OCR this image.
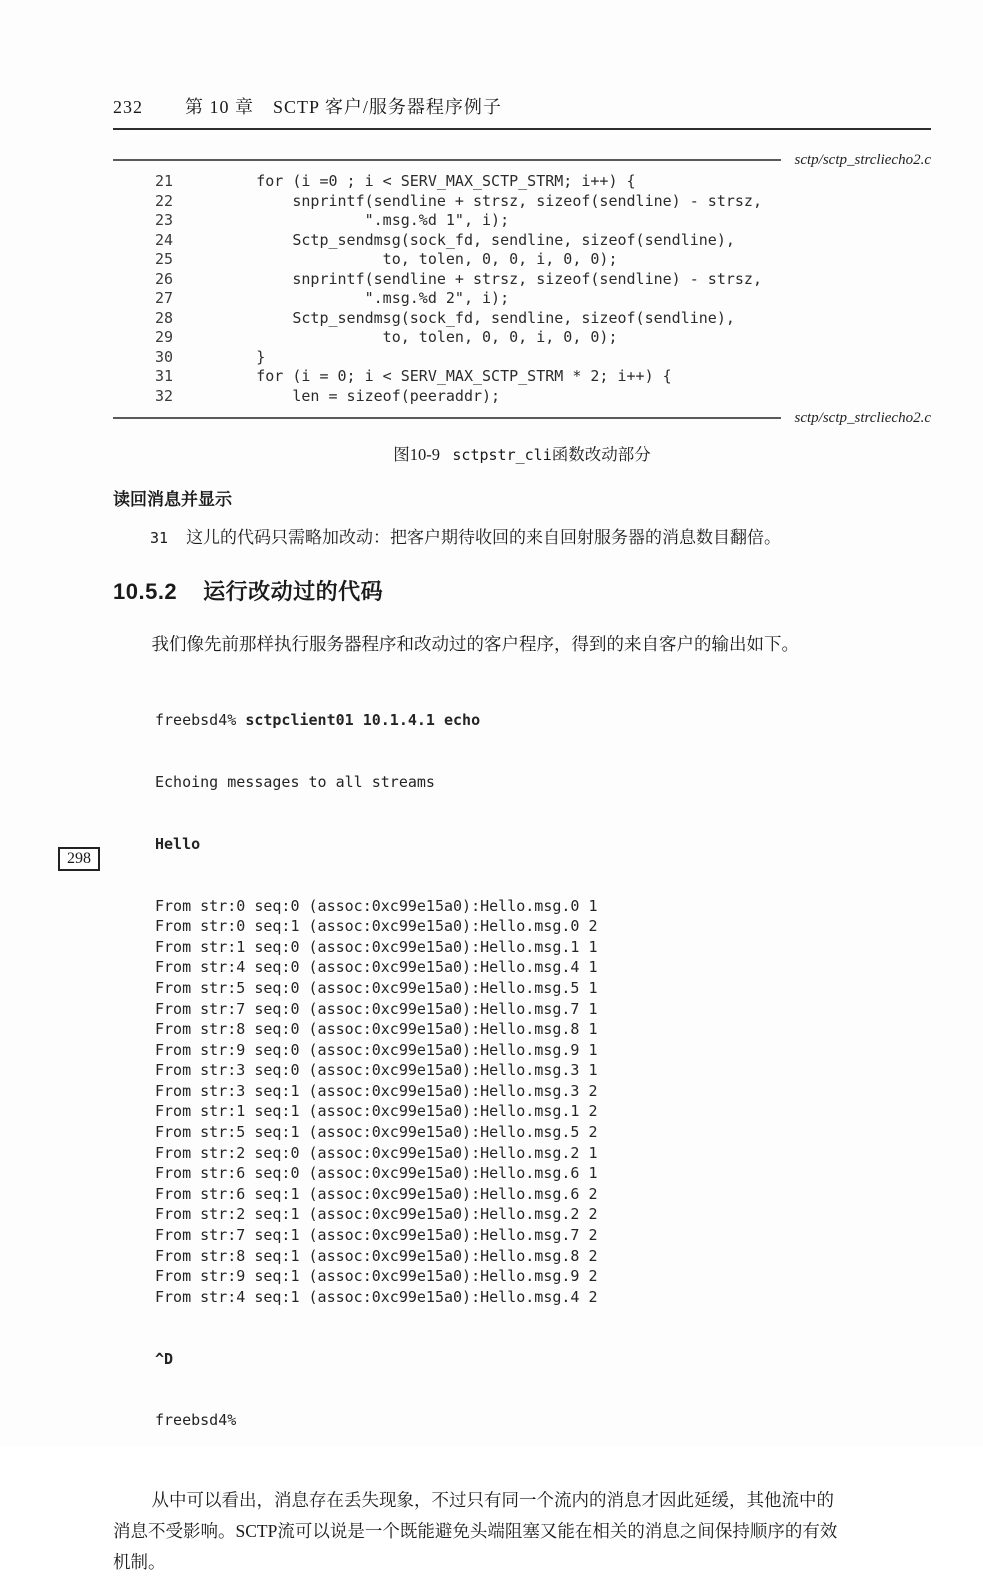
PDG
298
232 第 10 章　SCTP 客户/服务器程序例子
sctp/sctp_strcliecho2.c
21 for (i =0 ; i < SERV_MAX_SCTP_STRM; i++) {
22 snprintf(sendline + strsz, sizeof(sendline) - strsz,
23 ".msg.%d 1", i);
24 Sctp_sendmsg(sock_fd, sendline, sizeof(sendline),
25 to, tolen, 0, 0, i, 0, 0);
26 snprintf(sendline + strsz, sizeof(sendline) - strsz,
27 ".msg.%d 2", i);
28 Sctp_sendmsg(sock_fd, sendline, sizeof(sendline),
29 to, tolen, 0, 0, i, 0, 0);
30 }
31 for (i = 0; i < SERV_MAX_SCTP_STRM * 2; i++) {
32 len = sizeof(peeraddr);
sctp/sctp_strcliecho2.c
图10-9 sctpstr_cli函数改动部分
读回消息并显示
31 这儿的代码只需略加改动：把客户期待收回的来自回射服务器的消息数目翻倍。
10.5.2 运行改动过的代码
我们像先前那样执行服务器程序和改动过的客户程序，得到的来自客户的输出如下。

freebsd4% sctpclient01 10.1.4.1 echo

Echoing messages to all streams

Hello

From str:0 seq:0 (assoc:0xc99e15a0):Hello.msg.0 1
From str:0 seq:1 (assoc:0xc99e15a0):Hello.msg.0 2
From str:1 seq:0 (assoc:0xc99e15a0):Hello.msg.1 1
From str:4 seq:0 (assoc:0xc99e15a0):Hello.msg.4 1
From str:5 seq:0 (assoc:0xc99e15a0):Hello.msg.5 1
From str:7 seq:0 (assoc:0xc99e15a0):Hello.msg.7 1
From str:8 seq:0 (assoc:0xc99e15a0):Hello.msg.8 1
From str:9 seq:0 (assoc:0xc99e15a0):Hello.msg.9 1
From str:3 seq:0 (assoc:0xc99e15a0):Hello.msg.3 1
From str:3 seq:1 (assoc:0xc99e15a0):Hello.msg.3 2
From str:1 seq:1 (assoc:0xc99e15a0):Hello.msg.1 2
From str:5 seq:1 (assoc:0xc99e15a0):Hello.msg.5 2
From str:2 seq:0 (assoc:0xc99e15a0):Hello.msg.2 1
From str:6 seq:0 (assoc:0xc99e15a0):Hello.msg.6 1
From str:6 seq:1 (assoc:0xc99e15a0):Hello.msg.6 2
From str:2 seq:1 (assoc:0xc99e15a0):Hello.msg.2 2
From str:7 seq:1 (assoc:0xc99e15a0):Hello.msg.7 2
From str:8 seq:1 (assoc:0xc99e15a0):Hello.msg.8 2
From str:9 seq:1 (assoc:0xc99e15a0):Hello.msg.9 2
From str:4 seq:1 (assoc:0xc99e15a0):Hello.msg.4 2

^D

freebsd4%

从中可以看出，消息存在丢失现象，不过只有同一个流内的消息才因此延缓，其他流中的
消息不受影响。SCTP流可以说是一个既能避免头端阻塞又能在相关的消息之间保持顺序的有效
机制。
